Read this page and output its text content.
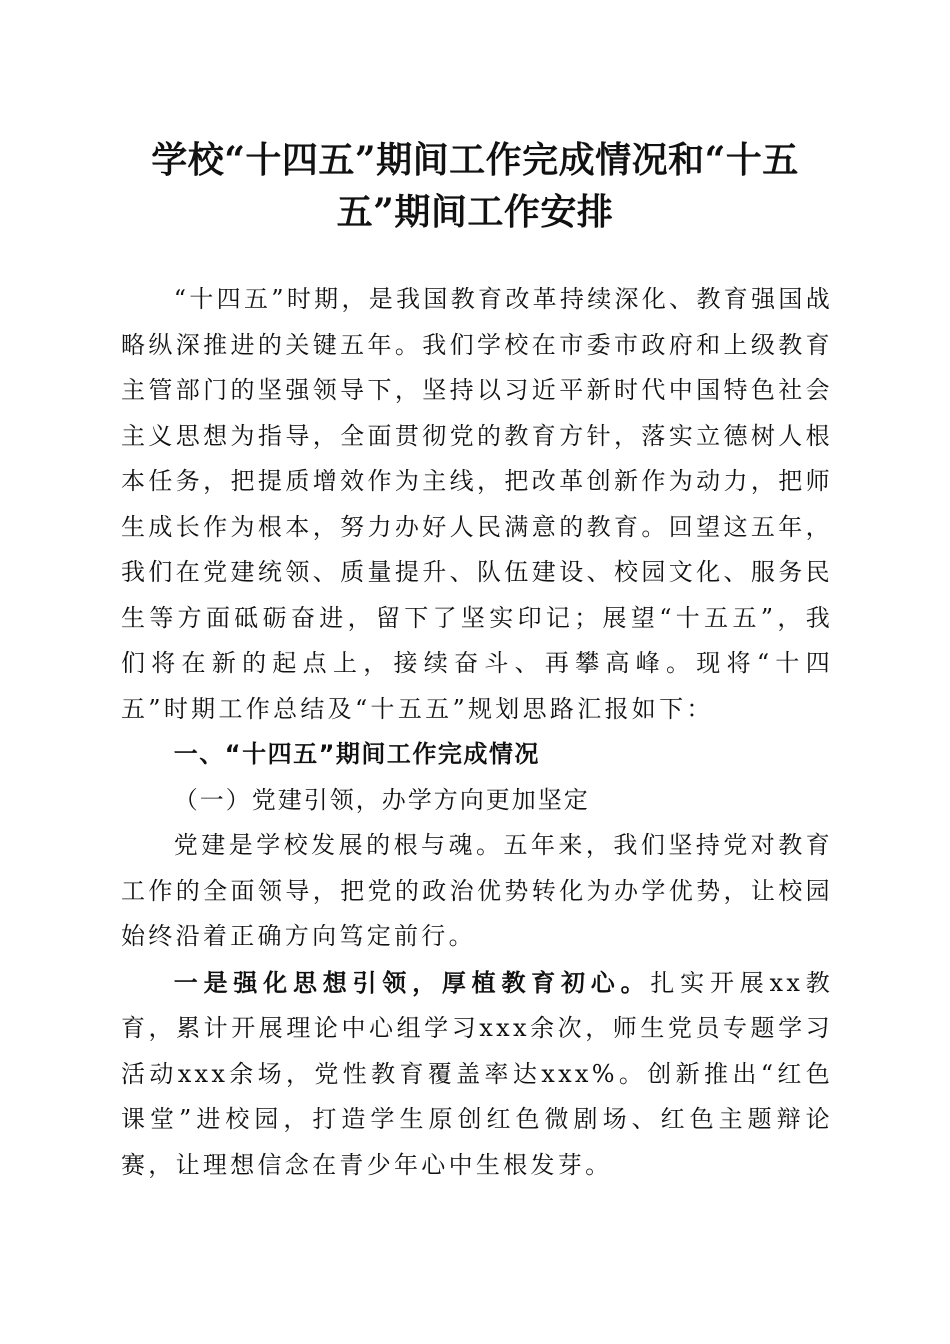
学校“十四五”期间工作完成情况和“十五
五”期间工作安排

“十四五”时期，是我国教育改革持续深化、教育强国战略纵深推进的关键五年。我们学校在市委市政府和上级教育主管部门的坚强领导下，坚持以习近平新时代中国特色社会主义思想为指导，全面贯彻党的教育方针，落实立德树人根本任务，把提质增效作为主线，把改革创新作为动力，把师生成长作为根本，努力办好人民满意的教育。回望这五年，我们在党建统领、质量提升、队伍建设、校园文化、服务民生等方面砥砺奋进，留下了坚实印记；展望“十五五”，我们将在新的起点上，接续奋斗、再攀高峰。现将“十四五”时期工作总结及“十五五”规划思路汇报如下：

一、“十四五”期间工作完成情况

（一）党建引领，办学方向更加坚定

党建是学校发展的根与魂。五年来，我们坚持党对教育工作的全面领导，把党的政治优势转化为办学优势，让校园始终沿着正确方向笃定前行。

一是强化思想引领，厚植教育初心。扎实开展xx教育，累计开展理论中心组学习xxx余次，师生党员专题学习活动xxx余场，党性教育覆盖率达xxx%。创新推出“红色课堂”进校园，打造学生原创红色微剧场、红色主题辩论赛，让理想信念在青少年心中生根发芽。
